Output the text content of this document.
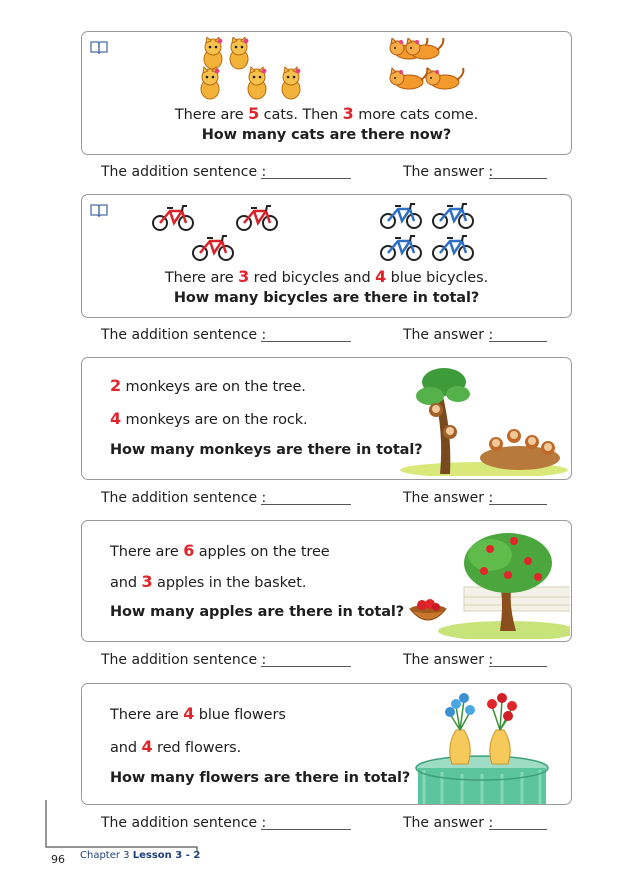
There are 5 cats. Then 3 more cats come.
How many cats are there now?
The addition sentence :	The answer :
There are 3 red bicycles and 4 blue bicycles.
How many bicycles are there in total?
The addition sentence :	The answer :
2 monkeys are on the tree.
4 monkeys are on the rock.
How many monkeys are there in total?
The addition sentence :	The answer :
There are 6 apples on the tree
and 3 apples in the basket.
How many apples are there in total?
The addition sentence :	The answer :
There are 4 blue flowers
and 4 red flowers.
How many flowers are there in total?
The addition sentence :	The answer :
96 Chapter 3 Lesson 3 - 2
